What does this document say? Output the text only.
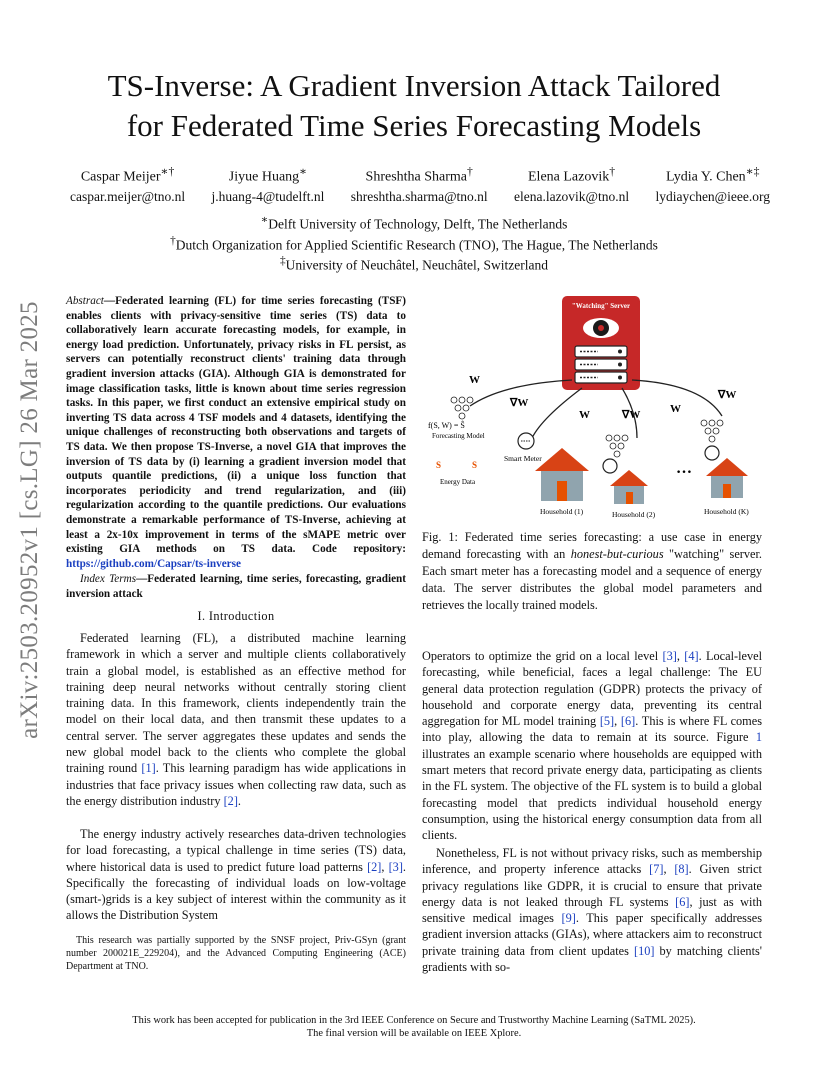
arXiv:2503.20952v1 [cs.LG] 26 Mar 2025
TS-Inverse: A Gradient Inversion Attack Tailored
for Federated Time Series Forecasting Models
Caspar Meijer∗†
caspar.meijer@tno.nl
Jiyue Huang∗
j.huang-4@tudelft.nl
Shreshtha Sharma†
shreshtha.sharma@tno.nl
Elena Lazovik†
elena.lazovik@tno.nl
Lydia Y. Chen∗‡
lydiaychen@ieee.org
∗Delft University of Technology, Delft, The Netherlands
†Dutch Organization for Applied Scientific Research (TNO), The Hague, The Netherlands
‡University of Neuchâtel, Neuchâtel, Switzerland
Abstract—Federated learning (FL) for time series forecasting (TSF) enables clients with privacy-sensitive time series (TS) data to collaboratively learn accurate forecasting models, for example, in energy load prediction. Unfortunately, privacy risks in FL persist, as servers can potentially reconstruct clients' training data through gradient inversion attacks (GIA). Although GIA is demonstrated for image classification tasks, little is known about time series regression tasks. In this paper, we first conduct an extensive empirical study on inverting TS data across 4 TSF models and 4 datasets, identifying the unique challenges of reconstructing both observations and targets of TS data. We then propose TS-Inverse, a novel GIA that improves the inversion of TS data by (i) learning a gradient inversion model that outputs quantile predictions, (ii) a unique loss function that incorporates periodicity and trend regularization, and (iii) regularization according to the quantile predictions. Our evaluations demonstrate a remarkable performance of TS-Inverse, achieving at least a 2x-10x improvement in terms of the sMAPE metric over existing GIA methods on TS data. Code repository: https://github.com/Capsar/ts-inverse
Index Terms—Federated learning, time series, forecasting, gradient inversion attack
I. Introduction
Federated learning (FL), a distributed machine learning framework in which a server and multiple clients collaboratively train a global model, is established as an effective method for training deep neural networks without centrally storing client training data. In this framework, clients independently train the model on their local data, and then transmit these updates to a central server. The server aggregates these updates and sends the new global model back to the clients who complete the global training round [1]. This learning paradigm has wide applications in industries that face privacy issues when collecting raw data, such as the energy distribution industry [2].
The energy industry actively researches data-driven technologies for load forecasting, a typical challenge in time series (TS) data, where historical data is used to predict future load patterns [2], [3]. Specifically the forecasting of individual loads on low-voltage (smart-)grids is a key subject of interest within the community as it allows the Distribution System
This research was partially supported by the SNSF project, Priv-GSyn (grant number 200021E_229204), and the Advanced Computing Engineering (ACE) Department at TNO.
"Watching" Server
W
∇W
W	∇W	W
∇W
f(S, W) = Ŝ
Forecasting Model
Smart Meter
S	S
Energy Data
Household (1)	Household (2)
…
Household (K)
Fig. 1: Federated time series forecasting: a use case in energy demand forecasting with an honest-but-curious "watching" server. Each smart meter has a forecasting model and a sequence of energy data. The server distributes the global model parameters and retrieves the locally trained models.
Operators to optimize the grid on a local level [3], [4]. Local-level forecasting, while beneficial, faces a legal challenge: The EU general data protection regulation (GDPR) protects the privacy of household and corporate energy data, preventing its central aggregation for ML model training [5], [6]. This is where FL comes into play, allowing the data to remain at its source. Figure 1 illustrates an example scenario where households are equipped with smart meters that record private energy data, participating as clients in the FL system. The objective of the FL system is to build a global forecasting model that predicts individual household energy consumption, using the historical energy consumption data from all clients.
Nonetheless, FL is not without privacy risks, such as membership inference, and property inference attacks [7], [8]. Given strict privacy regulations like GDPR, it is crucial to ensure that private energy data is not leaked through FL systems [6], just as with sensitive medical images [9]. This paper specifically addresses gradient inversion attacks (GIAs), where attackers aim to reconstruct private training data from client updates [10] by matching clients' gradients with so-
This work has been accepted for publication in the 3rd IEEE Conference on Secure and Trustworthy Machine Learning (SaTML 2025).
The final version will be available on IEEE Xplore.
